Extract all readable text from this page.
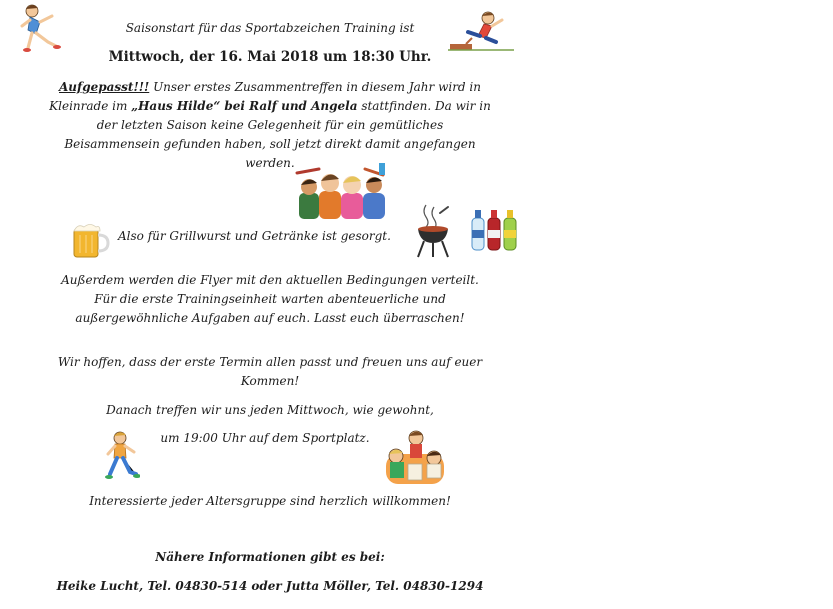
Saisonstart für das Sportabzeichen Training ist
Mittwoch, der 16. Mai 2018 um 18:30 Uhr.
Aufgepasst!!! Unser erstes Zusammentreffen in diesem Jahr wird in
Kleinrade im „Haus Hilde“ bei Ralf und Angela stattfinden. Da wir in
der letzten Saison keine Gelegenheit für ein gemütliches
Beisammensein gefunden haben, soll jetzt direkt damit angefangen
werden.
Also für Grillwurst und Getränke ist gesorgt.
Außerdem werden die Flyer mit den aktuellen Bedingungen verteilt.
Für die erste Trainingseinheit warten abenteuerliche und
außergewöhnliche Aufgaben auf euch. Lasst euch überraschen!
Wir hoffen, dass der erste Termin allen passt und freuen uns auf euer
Kommen!
Danach treffen wir uns jeden Mittwoch, wie gewohnt,
um 19:00 Uhr auf dem Sportplatz.
Interessierte jeder Altersgruppe sind herzlich willkommen!
Nähere Informationen gibt es bei:
Heike Lucht, Tel. 04830-514 oder Jutta Möller, Tel. 04830-1294
